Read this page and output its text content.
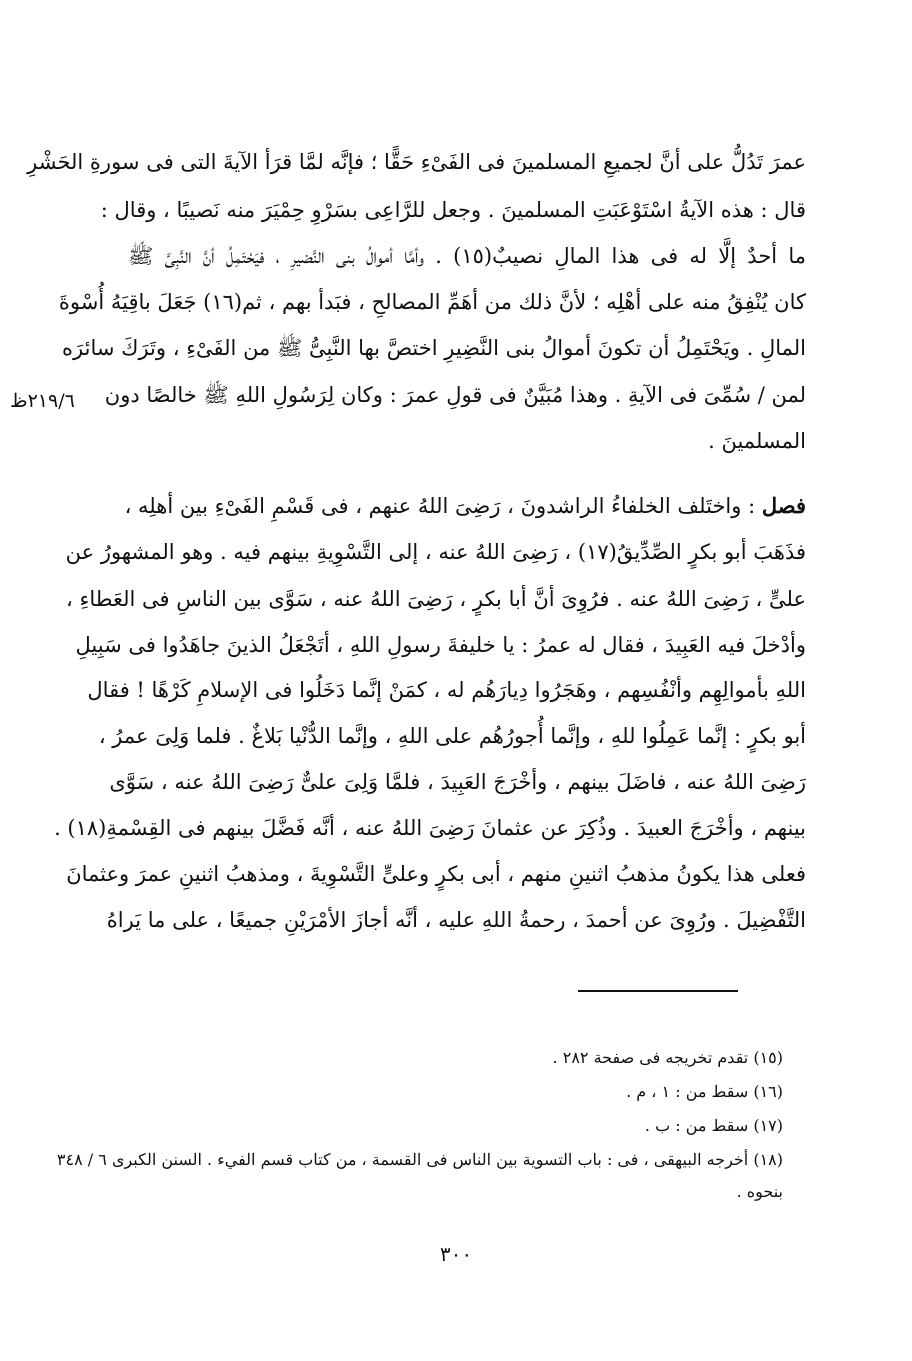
عمرَ تَدُلُّ على أنَّ لجميعِ المسلمينَ فى الفَىْءِ حَقًّا ؛ فإنَّه لمَّا قرَأ الآيةَ التى فى سورةِ الحَشْرِ
قال : هذه الآيةُ اسْتَوْعَبَتِ المسلمينَ . وجعل للرَّاعِى بسَرْوِ حِمْيَرَ منه نَصيبًا ، وقال :
ما أحدٌ إلَّا له فى هذا المالِ نصيبٌ(١٥) . وأمَّا أموالُ بنى النَّضيرِ ، فيَحْتَمِلُ أنَّ النَّبِىَّ ﷺ
كان يُنْفِقُ منه على أهْلِه ؛ لأنَّ ذلك من أهَمِّ المصالحِ ، فبَدأ بهم ، ثم(١٦) جَعَلَ باقِيَهُ أُسْوةَ
المالِ . ويَحْتَمِلُ أن تكونَ أموالُ بنى النَّضِيرِ اختصَّ بها النَّبِىُّ ﷺ من الفَىْءِ ، وتَرَكَ سائرَه
لمن / سُمِّىَ فى الآيةِ . وهذا مُبَيَّنٌ فى قولِ عمرَ : وكان لِرَسُولِ اللهِ ﷺ خالصًا دون
المسلمينَ .
٢١٩/٦ظ
فصل : واختَلف الخلفاءُ الراشدونَ ، رَضِىَ اللهُ عنهم ، فى قَسْمِ الفَىْءِ بين أهلِه ،
فذَهَبَ أبو بكرٍ الصِّدِّيقُ(١٧) ، رَضِىَ اللهُ عنه ، إلى التَّسْوِيةِ بينهم فيه . وهو المشهورُ عن
علىٍّ ، رَضِىَ اللهُ عنه . فرُوِىَ أنَّ أبا بكرٍ ، رَضِىَ اللهُ عنه ، سَوَّى بين الناسِ فى العَطاءِ ،
وأدْخلَ فيه العَبِيدَ ، فقال له عمرُ : يا خليفةَ رسولِ اللهِ ، أتَجْعَلُ الذينَ جاهَدُوا فى سَبِيلِ
اللهِ بأموالِهِم وأنْفُسِهم ، وهَجَرُوا دِيارَهُم له ، كمَنْ إنَّما دَخَلُوا فى الإسلامِ كَرْهًا ! فقال
أبو بكرٍ : إنَّما عَمِلُوا للهِ ، وإنَّما أُجورُهُم على اللهِ ، وإنَّما الدُّنْيا بَلاغٌ . فلما وَلِىَ عمرُ ،
رَضِىَ اللهُ عنه ، فاضَلَ بينهم ، وأخْرَجَ العَبِيدَ ، فلمَّا وَلِىَ علىٌّ رَضِىَ اللهُ عنه ، سَوَّى
بينهم ، وأخْرَجَ العبيدَ . وذُكِرَ عن عثمانَ رَضِىَ اللهُ عنه ، أنَّه فَضَّلَ بينهم فى القِسْمةِ(١٨) .
فعلى هذا يكونُ مذهبُ اثنينِ منهم ، أبى بكرٍ وعلىٍّ التَّسْوِيةَ ، ومذهبُ اثنينِ عمرَ وعثمانَ
التَّفْضِيلَ . ورُوِىَ عن أحمدَ ، رحمةُ اللهِ عليه ، أنَّه أجازَ الأمْرَيْنِ جميعًا ، على ما يَراهُ
(١٥) تقدم تخريجه فى صفحة ٢٨٢ .
(١٦) سقط من : ١ ، م .
(١٧) سقط من : ب .
(١٨) أخرجه البيهقى ، فى : باب التسوية بين الناس فى القسمة ، من كتاب قسم الفيء . السنن الكبرى ٦ / ٣٤٨
بنحوه .
٣٠٠
